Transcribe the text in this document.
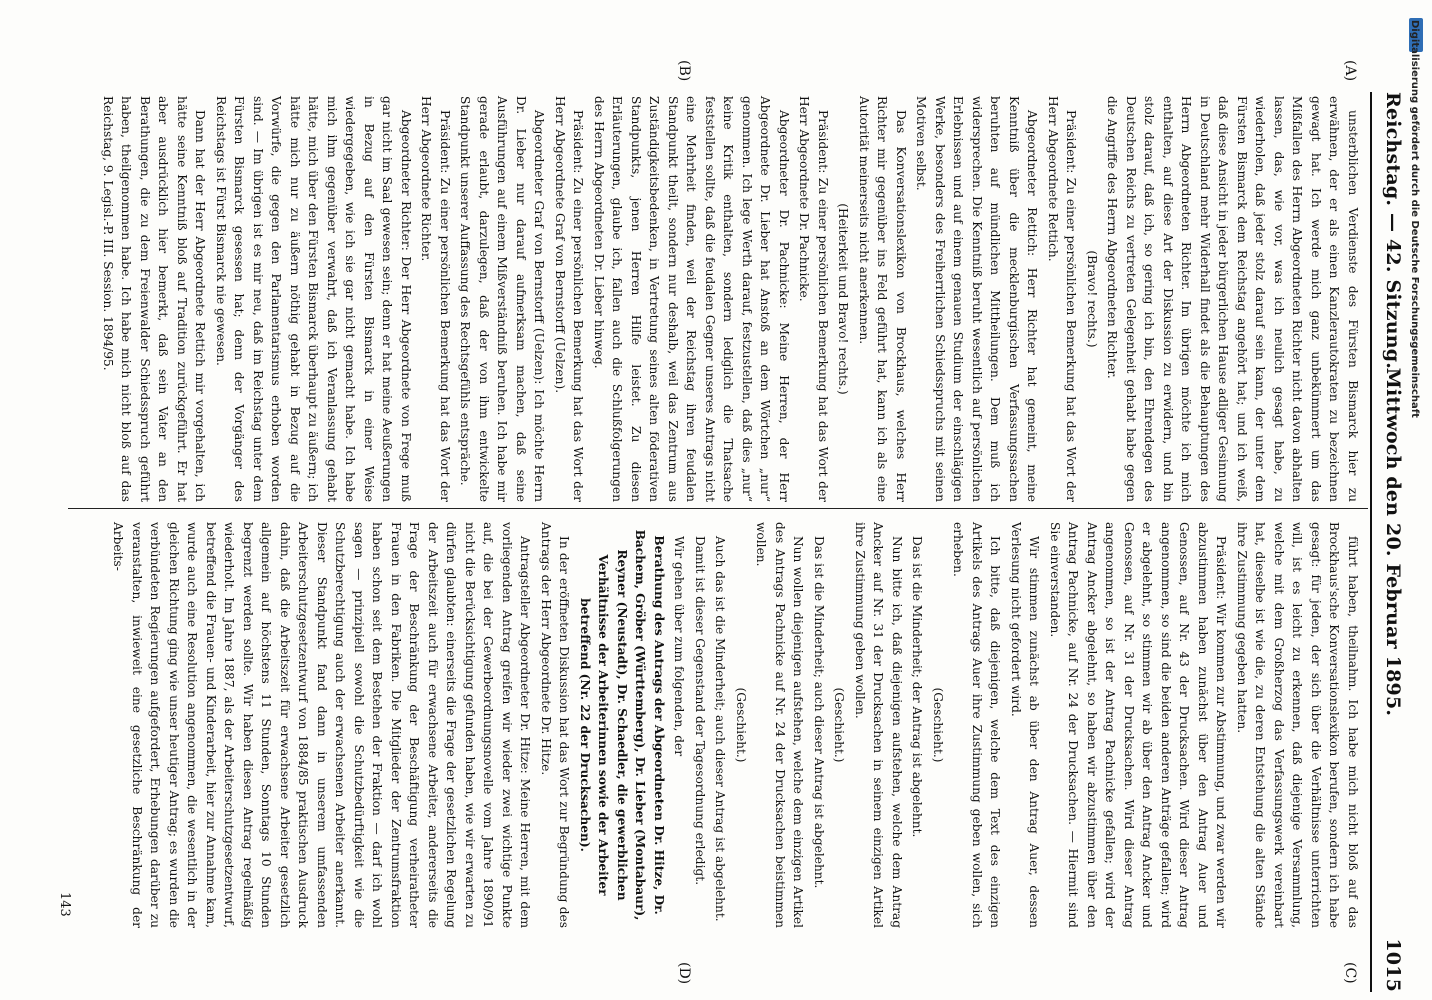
Reichstag. — 42. Sitzung.
Mittwoch den 20. Februar 1895.
1015
(A)
(B)
(C)
(D)

unsterblichen Verdienste des Fürsten Bismarck hier zu erwähnen, der er als einen Kanzlerautokraten zu bezeichnen gewagt hat. Ich werde mich ganz unbekümmert um das Mißfallen des Herrn Abgeordneten Richter nicht davon abhalten lassen, das, wie vor, was ich neulich gesagt habe, zu wiederholen, daß jeder stolz darauf sein kann, der unter dem Fürsten Bismarck dem Reichstag angehört hat; und ich weiß, daß diese Ansicht in jeder bürgerlichen Hause adliger Gesinnung in Deutschland mehr Widerhall findet als die Behauptungen des Herrn Abgeordneten Richter. Im übrigen möchte ich mich enthalten, auf diese Art der Diskussion zu erwidern, und bin stolz darauf, daß ich, so gering ich bin, den Ehrendegen des Deutschen Reichs zu vertreten Gelegenheit gehabt habe gegen die Angriffe des Herrn Abgeordneten Richter.

(Bravo! rechts.)

Präsident: Zu einer persönlichen Bemerkung hat das Wort der Herr Abgeordnete Rettich.

Abgeordneter Rettich: Herr Richter hat gemeint, meine Kenntniß über die mecklenburgischen Verfassungssachen beruhten auf mündlichen Mittheilungen. Dem muß ich widersprechen. Die Kenntniß beruht wesentlich auf persönlichen Erlebnissen und auf einem genauen Studium der einschlägigen Werke, besonders des Freiherrlichen Schiedsspruchs mit seinen Motiven selbst.

Das Konversationslexikon von Brockhaus, welches Herr Richter mir gegenüber ins Feld geführt hat, kann ich als eine Autorität meinerseits nicht anerkennen.

(Heiterkeit und Bravo! rechts.)

Präsident: Zu einer persönlichen Bemerkung hat das Wort der Herr Abgeordnete Dr. Pachnicke.

Abgeordneter Dr. Pachnicke: Meine Herren, der Herr Abgeordnete Dr. Lieber hat Anstoß an dem Wörtchen „nur“ genommen. Ich lege Werth darauf, festzustellen, daß dies „nur“ keine Kritik enthalten, sondern lediglich die Thatsache feststellen sollte, daß die feudalen Gegner unseres Antrags nicht eine Mehrheit finden, weil der Reichstag ihren feudalen Standpunkt theilt, sondern nur deshalb, weil das Zentrum aus Zuständigkeitsbedenken, in Vertretung seines alten föderativen Standpunkts, jenen Herren Hilfe leistet. Zu diesen Erläuterungen, glaube ich, fallen auch die Schlußfolgerungen des Herrn Abgeordneten Dr. Lieber hinweg.

Präsident: Zu einer persönlichen Bemerkung hat das Wort der Herr Abgeordnete Graf von Bernstorff (Uelzen).

Abgeordneter Graf von Bernstorff (Uelzen): Ich möchte Herrn Dr. Lieber nur darauf aufmerksam machen, daß seine Ausführungen auf einem Mißverständniß beruhen. Ich habe mir gerade erlaubt, darzulegen, daß der von ihm entwickelte Standpunkt unserer Auffassung des Rechtsgefühls entspräche.

Präsident: Zu einer persönlichen Bemerkung hat das Wort der Herr Abgeordnete Richter.

Abgeordneter Richter: Der Herr Abgeordnete von Frege muß gar nicht im Saal gewesen sein; denn er hat meine Aeußerungen in Bezug auf den Fürsten Bismarck in einer Weise wiedergegeben, wie ich sie gar nicht gemacht habe. Ich habe mich ihm gegenüber verwahrt, daß ich Veranlassung gehabt hätte, mich über den Fürsten Bismarck überhaupt zu äußern; ich hätte mich nur zu äußern nöthig gehabt in Bezug auf die Vorwürfe, die gegen den Parlamentarismus erhoben worden sind. — Im übrigen ist es mir neu, daß im Reichstag unter dem Fürsten Bismarck gesessen hat; denn der Vorgänger des Reichstags ist Fürst Bismarck nie gewesen.

Dann hat der Herr Abgeordnete Rettich mir vorgehalten, ich hätte seine Kenntniß bloß auf Tradition zurückgeführt. Er hat aber ausdrücklich hier bemerkt, daß sein Vater an den Berathungen, die zu dem Freienwalder Schiedsspruch geführt haben, theilgenommen habe. Ich habe mich nicht bloß auf das Reichstag, 9. Legisl.-P. III. Session. 1894/95.

führt haben, theilnahm. Ich habe mich nicht bloß auf das Brockhaus'sche Konversationslexikon berufen, sondern ich habe gesagt: für jeden, der sich über die Verhältnisse unterrichten will, ist es leicht zu erkennen, daß diejenige Versammlung, welche mit dem Großherzog das Verfassungswerk vereinbart hat, dieselbe ist wie die, zu deren Entstehung die alten Stände ihre Zustimmung gegeben hatten.

Präsident: Wir kommen zur Abstimmung, und zwar werden wir abzustimmen haben zunächst über den Antrag Auer und Genossen, auf Nr. 43 der Drucksachen. Wird dieser Antrag angenommen, so sind die beiden anderen Anträge gefallen; wird er abgelehnt, so stimmen wir ab über den Antrag Ancker und Genossen, auf Nr. 31 der Drucksachen. Wird dieser Antrag angenommen, so ist der Antrag Pachnicke gefallen; wird der Antrag Ancker abgelehnt, so haben wir abzustimmen über den Antrag Pachnicke, auf Nr. 24 der Drucksachen. — Hiermit sind Sie einverstanden.

Wir stimmen zunächst ab über den Antrag Auer, dessen Verlesung nicht gefordert wird.

Ich bitte, daß diejenigen, welche dem Text des einzigen Artikels des Antrags Auer ihre Zustimmung geben wollen, sich erheben.

(Geschieht.)

Das ist die Minderheit; der Antrag ist abgelehnt.

Nun bitte ich, daß diejenigen aufstehen, welche dem Antrag Ancker auf Nr. 31 der Drucksachen in seinem einzigen Artikel ihre Zustimmung geben wollen.

(Geschieht.)

Das ist die Minderheit; auch dieser Antrag ist abgelehnt.

Nun wollen diejenigen aufstehen, welche dem einzigen Artikel des Antrags Pachnicke auf Nr. 24 der Drucksachen beistimmen wollen.

(Geschieht.)

Auch das ist die Minderheit; auch dieser Antrag ist abgelehnt.

Damit ist dieser Gegenstand der Tagesordnung erledigt.

Wir gehen über zum folgenden, der

Berathung des Antrags der Abgeordneten Dr. Hitze, Dr. Bachem, Gröber (Württemberg), Dr. Lieber (Montabaur), Reyner (Neustadt), Dr. Schaedler, die gewerblichen Verhältnisse der Arbeiterinnen sowie der Arbeiter betreffend (Nr. 22 der Drucksachen).

In der eröffneten Diskussion hat das Wort zur Begründung des Antrags der Herr Abgeordnete Dr. Hitze.

Antragsteller Abgeordneter Dr. Hitze: Meine Herren, mit dem vorliegenden Antrag greifen wir wieder zwei wichtige Punkte auf, die bei der Gewerbeordnungsnovelle vom Jahre 1890/91 nicht die Berücksichtigung gefunden haben, wie wir erwarten zu dürfen glaubten: einerseits die Frage der gesetzlichen Regelung der Arbeitszeit auch für erwachsene Arbeiter, andererseits die Frage der Beschränkung der Beschäftigung verheiratheter Frauen in den Fabriken. Die Mitglieder der Zentrumsfraktion haben schon seit dem Bestehen der Fraktion — darf ich wohl sagen — prinzipiell sowohl die Schutzbedürftigkeit wie die Schutzberechtigung auch der erwachsenen Arbeiter anerkannt. Dieser Standpunkt fand dann in unserem umfassenden Arbeiterschutzgesetzentwurf von 1884/85 praktischen Ausdruck dahin, daß die Arbeitszeit für erwachsene Arbeiter gesetzlich allgemein auf höchstens 11 Stunden, Sonntags 10 Stunden begrenzt werden sollte. Wir haben diesen Antrag regelmäßig wiederholt. Im Jahre 1887, als der Arbeiterschutzgesetzentwurf, betreffend die Frauen- und Kinderarbeit, hier zur Annahme kam, wurde auch eine Resolution angenommen, die wesentlich in der gleichen Richtung ging wie unser heutiger Antrag; es wurden die verbündeten Regierungen aufgefordert, Erhebungen darüber zu veranstalten, inwieweit eine gesetzliche Beschränkung der Arbeits-

143
Digitalisierung gefördert durch die Deutsche Forschungsgemeinschaft
